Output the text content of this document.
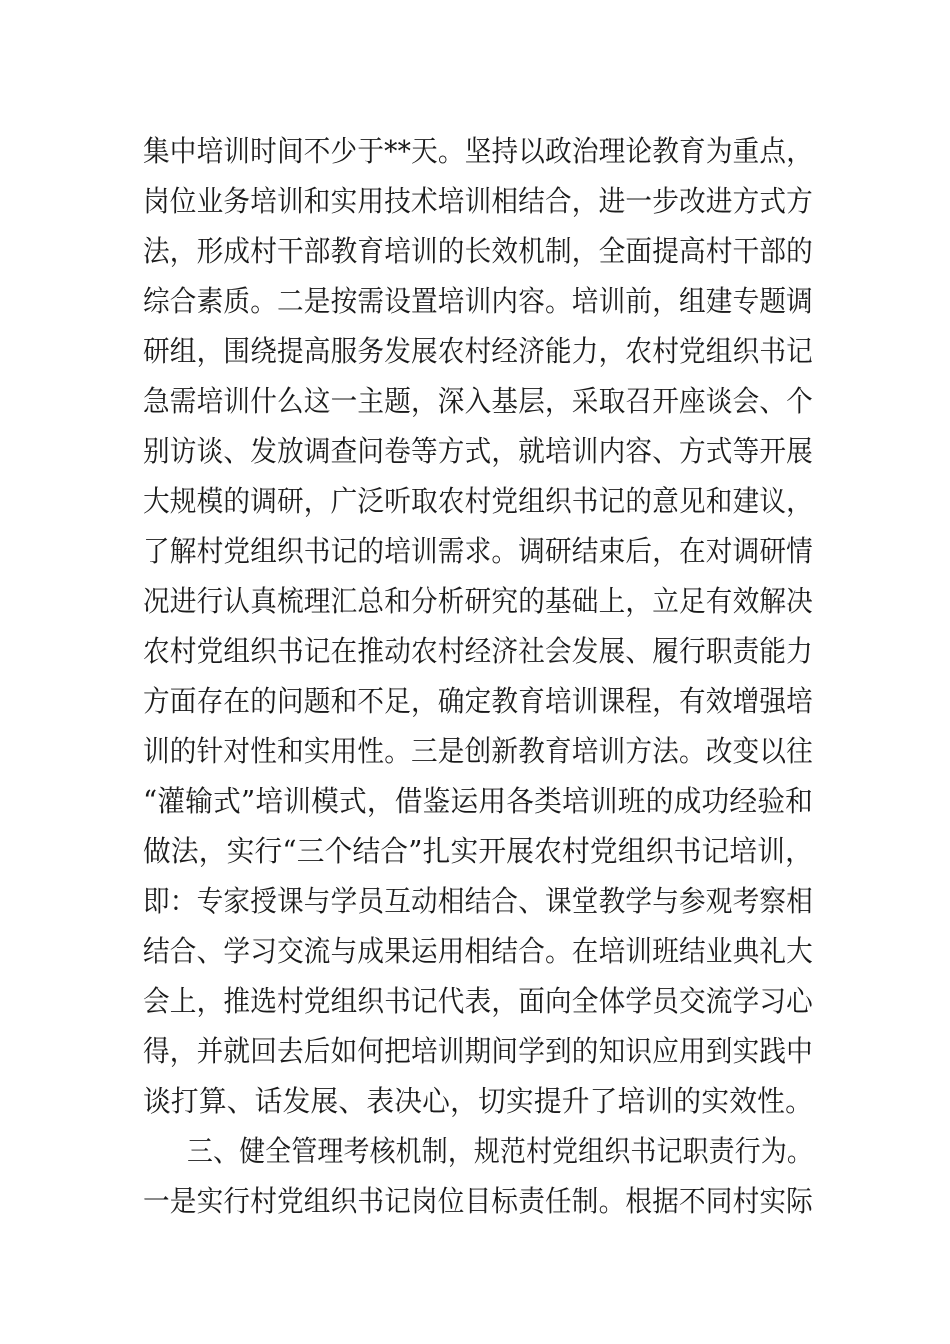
集中培训时间不少于**天。坚持以政治理论教育为重点，
岗位业务培训和实用技术培训相结合，进一步改进方式方
法，形成村干部教育培训的长效机制，全面提高村干部的
综合素质。二是按需设置培训内容。培训前，组建专题调
研组，围绕提高服务发展农村经济能力，农村党组织书记
急需培训什么这一主题，深入基层，采取召开座谈会、个
别访谈、发放调查问卷等方式，就培训内容、方式等开展
大规模的调研，广泛听取农村党组织书记的意见和建议，
了解村党组织书记的培训需求。调研结束后，在对调研情
况进行认真梳理汇总和分析研究的基础上，立足有效解决
农村党组织书记在推动农村经济社会发展、履行职责能力
方面存在的问题和不足，确定教育培训课程，有效增强培
训的针对性和实用性。三是创新教育培训方法。改变以往
“灌输式”培训模式，借鉴运用各类培训班的成功经验和
做法，实行“三个结合”扎实开展农村党组织书记培训，
即：专家授课与学员互动相结合、课堂教学与参观考察相
结合、学习交流与成果运用相结合。在培训班结业典礼大
会上，推选村党组织书记代表，面向全体学员交流学习心
得，并就回去后如何把培训期间学到的知识应用到实践中
谈打算、话发展、表决心，切实提升了培训的实效性。
三、健全管理考核机制，规范村党组织书记职责行为。
一是实行村党组织书记岗位目标责任制。根据不同村实际
